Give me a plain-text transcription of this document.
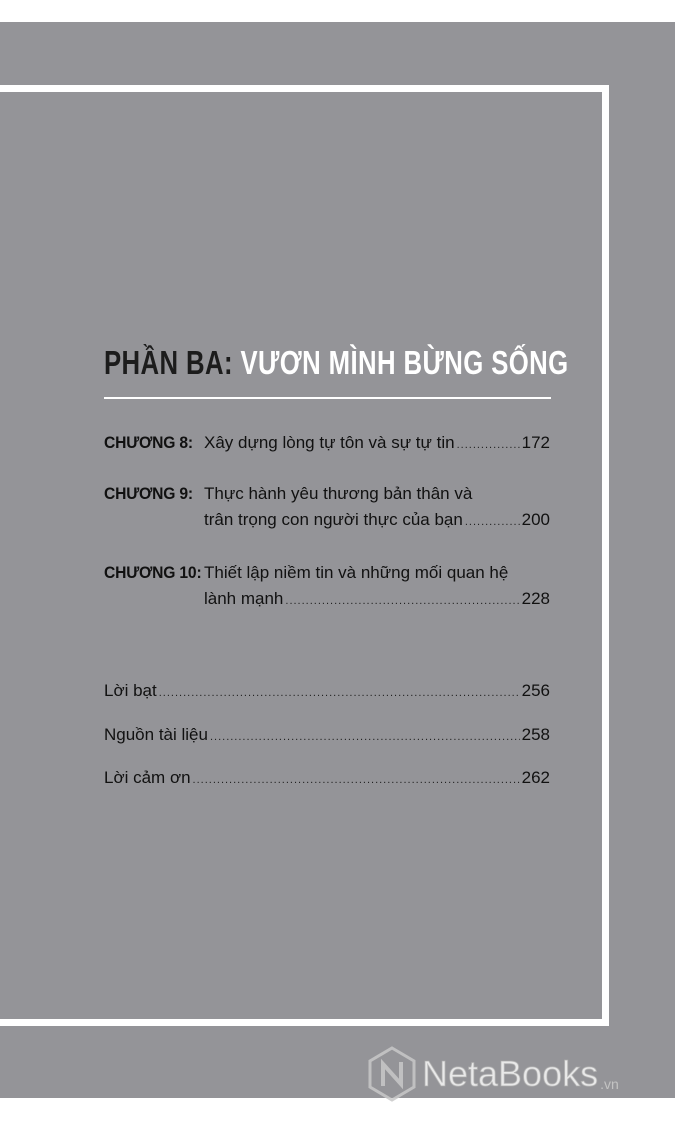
PHẦN BA: VƯƠN MÌNH BỪNG SỐNG
CHƯƠNG 8: Xây dựng lòng tự tôn và sự tự tin .....	172
CHƯƠNG 9: Thực hành yêu thương bản thân và
trân trọng con người thực của bạn .....	200
CHƯƠNG 10: Thiết lập niềm tin và những mối quan hệ
lành mạnh .....	228
Lời bạt .....	256
Nguồn tài liệu .....	258
Lời cảm ơn .....	262
NetaBooks .vn
